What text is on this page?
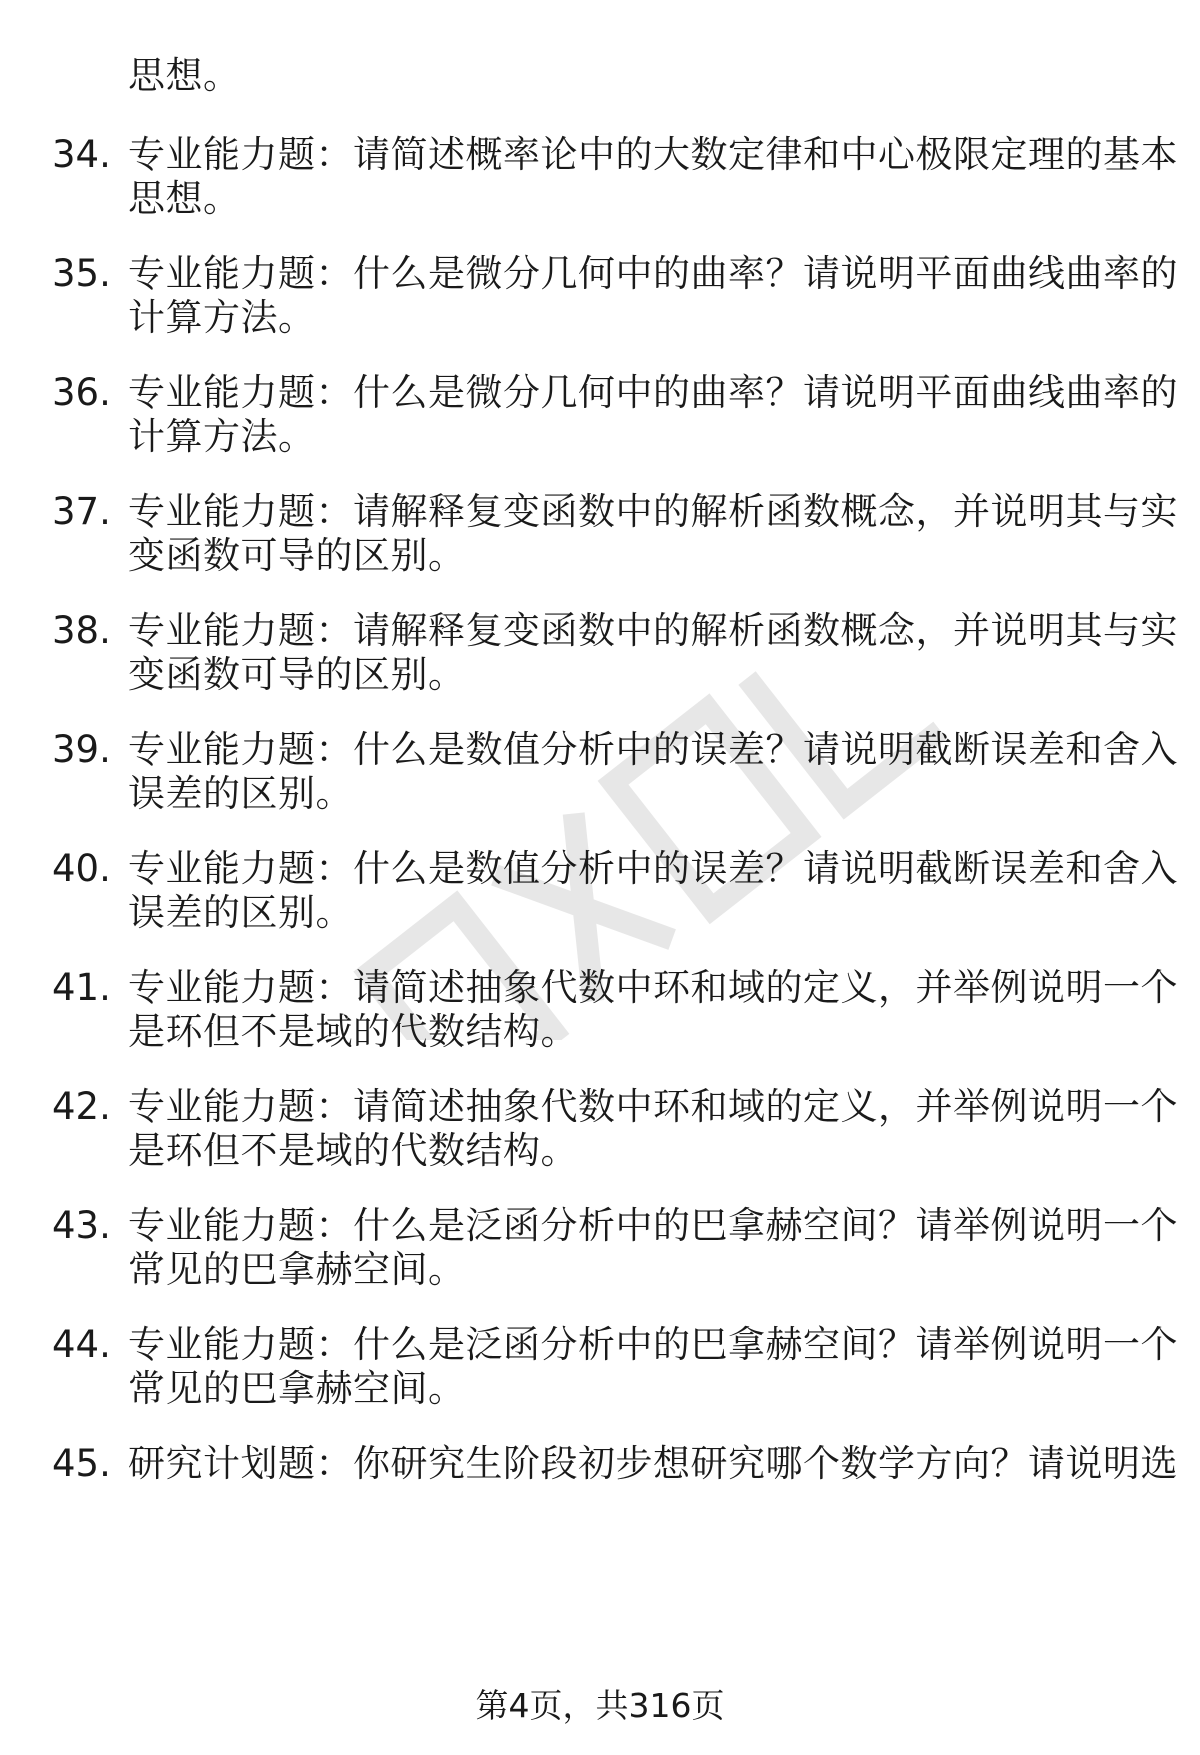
思想。
34. 专业能力题：请简述概率论中的大数定律和中心极限定理的基本
思想。
35. 专业能力题：什么是微分几何中的曲率？请说明平面曲线曲率的
计算方法。
36. 专业能力题：什么是微分几何中的曲率？请说明平面曲线曲率的
计算方法。
37. 专业能力题：请解释复变函数中的解析函数概念，并说明其与实
变函数可导的区别。
38. 专业能力题：请解释复变函数中的解析函数概念，并说明其与实
变函数可导的区别。
39. 专业能力题：什么是数值分析中的误差？请说明截断误差和舍入
误差的区别。
40. 专业能力题：什么是数值分析中的误差？请说明截断误差和舍入
误差的区别。
41. 专业能力题：请简述抽象代数中环和域的定义，并举例说明一个
是环但不是域的代数结构。
42. 专业能力题：请简述抽象代数中环和域的定义，并举例说明一个
是环但不是域的代数结构。
43. 专业能力题：什么是泛函分析中的巴拿赫空间？请举例说明一个
常见的巴拿赫空间。
44. 专业能力题：什么是泛函分析中的巴拿赫空间？请举例说明一个
常见的巴拿赫空间。
45. 研究计划题：你研究生阶段初步想研究哪个数学方向？请说明选
第4页，共316页
